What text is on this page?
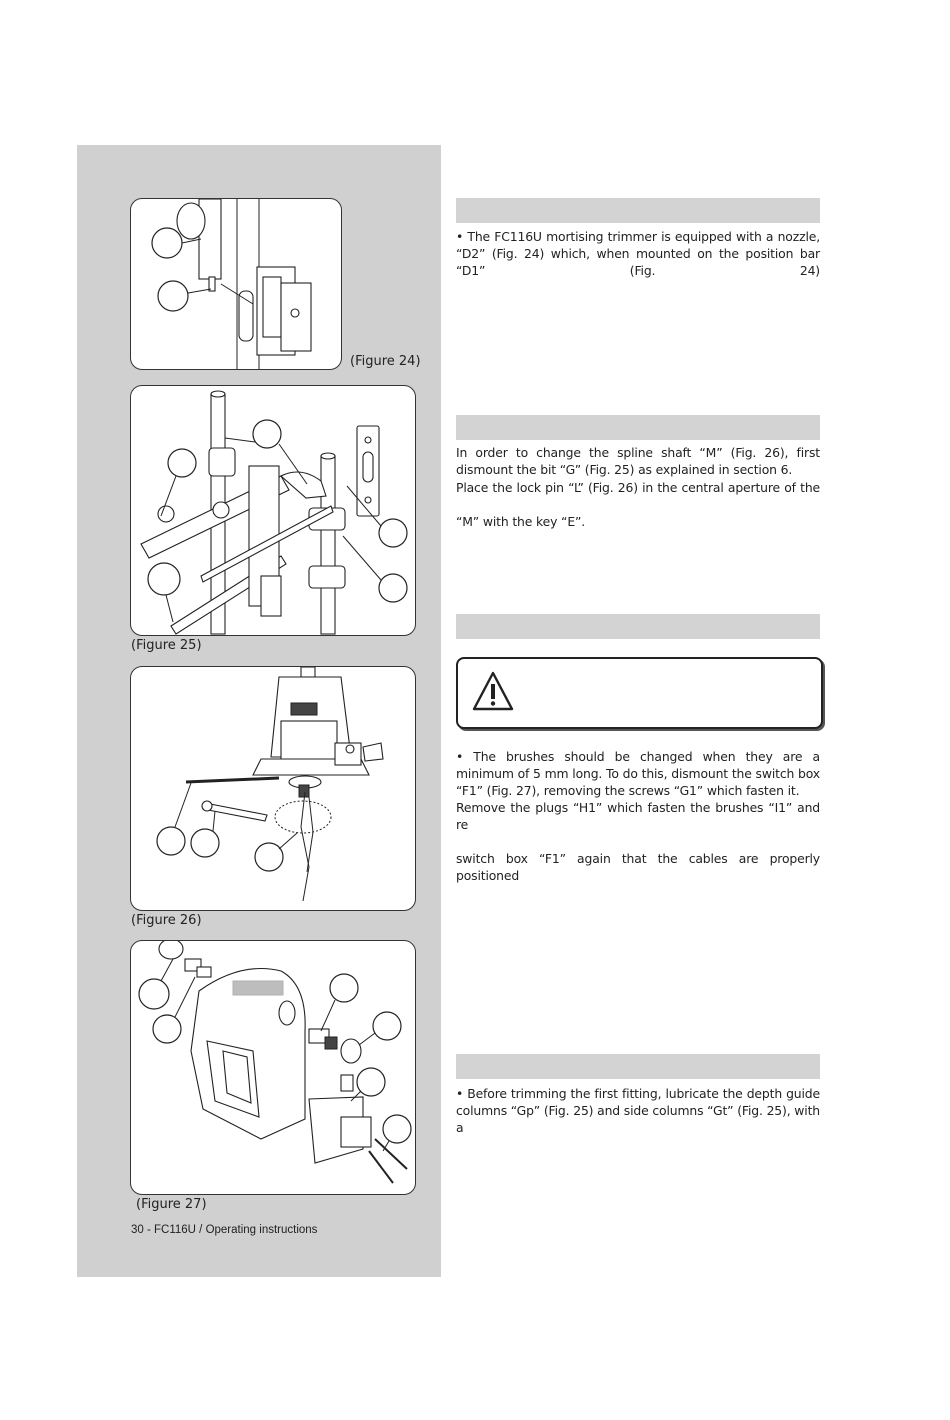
(Figure 24)
(Figure 25)
(Figure 26)
(Figure 27)
30 - FC116U / Operating instructions
• The FC116U mortising trimmer is equipped with a nozzle, “D2” (Fig. 24) which, when mounted on the position bar “D1” (Fig. 24)
In order to change the spline shaft “M” (Fig. 26), first dismount the bit “G” (Fig. 25) as explained in section 6.
Place the lock pin “L” (Fig. 26) in the central aperture of the
“M” with the key “E”.
• The brushes should be changed when they are a minimum of 5 mm long. To do this, dismount the switch box “F1” (Fig. 27), removing the screws “G1” which fasten it.
Remove the plugs “H1” which fasten the brushes “I1” and re
switch box “F1” again that the cables are properly positioned
• Before trimming the first fitting, lubricate the depth guide columns “Gp” (Fig. 25) and side columns “Gt” (Fig. 25), with a
